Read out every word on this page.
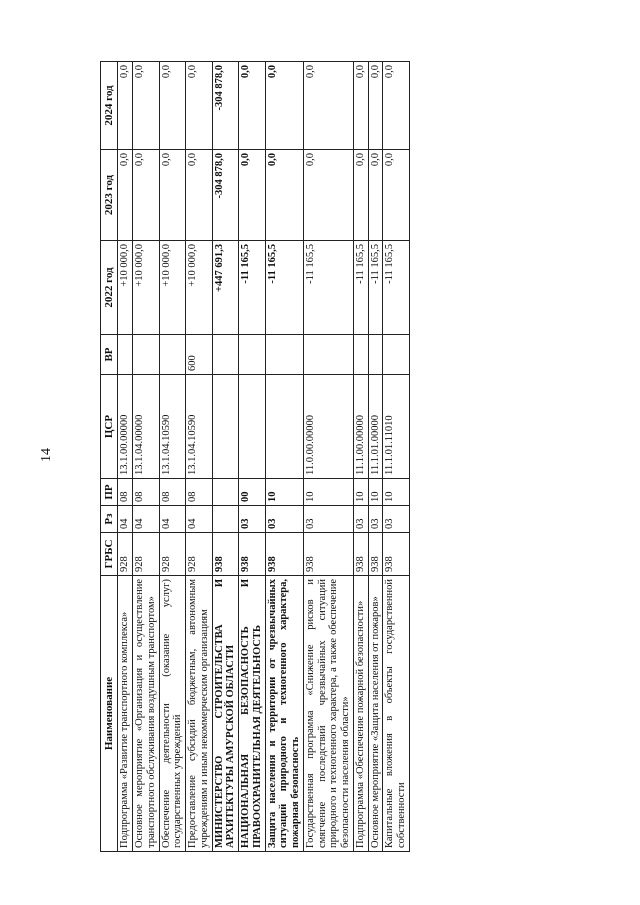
14
Наименование	ГРБС	Рз	ПР	ЦСР	ВР	2022 год	2023 год	2024 год
Подпрограмма «Развитие транспортного комплекса»	928	04	08	13.1.00.00000		+10 000,0	0,0	0,0
Основное мероприятие «Организация и осуществление транспортного обслуживания воздушным транспортом»	928	04	08	13.1.04.00000		+10 000,0	0,0	0,0
Обеспечение деятельности (оказание услуг) государственных учреждений	928	04	08	13.1.04.10590		+10 000,0	0,0	0,0
Предоставление субсидий бюджетным, автономным учреждениям и иным некоммерческим организациям	928	04	08	13.1.04.10590	600	+10 000,0	0,0	0,0
МИНИСТЕРСТВО СТРОИТЕЛЬСТВА И АРХИТЕКТУРЫ АМУРСКОЙ ОБЛАСТИ	938					+447 691,3	-304 878,0	-304 878,0
НАЦИОНАЛЬНАЯ БЕЗОПАСНОСТЬ И ПРАВООХРАНИТЕЛЬНАЯ ДЕЯТЕЛЬНОСТЬ	938	03	00			-11 165,5	0,0	0,0
Защита населения и территории от чрезвычайных ситуаций природного и техногенного характера, пожарная безопасность	938	03	10			-11 165,5	0,0	0,0
Государственная программа «Снижение рисков и смягчение последствий чрезвычайных ситуаций природного и техногенного характера, а также обеспечение безопасности населения области»	938	03	10	11.0.00.00000		-11 165,5	0,0	0,0
Подпрограмма «Обеспечение пожарной безопасности»	938	03	10	11.1.00.00000		-11 165,5	0,0	0,0
Основное мероприятие «Защита населения от пожаров»	938	03	10	11.1.01.00000		-11 165,5	0,0	0,0
Капитальные вложения в объекты государственной собственности	938	03	10	11.1.01.11010		-11 165,5	0,0	0,0
